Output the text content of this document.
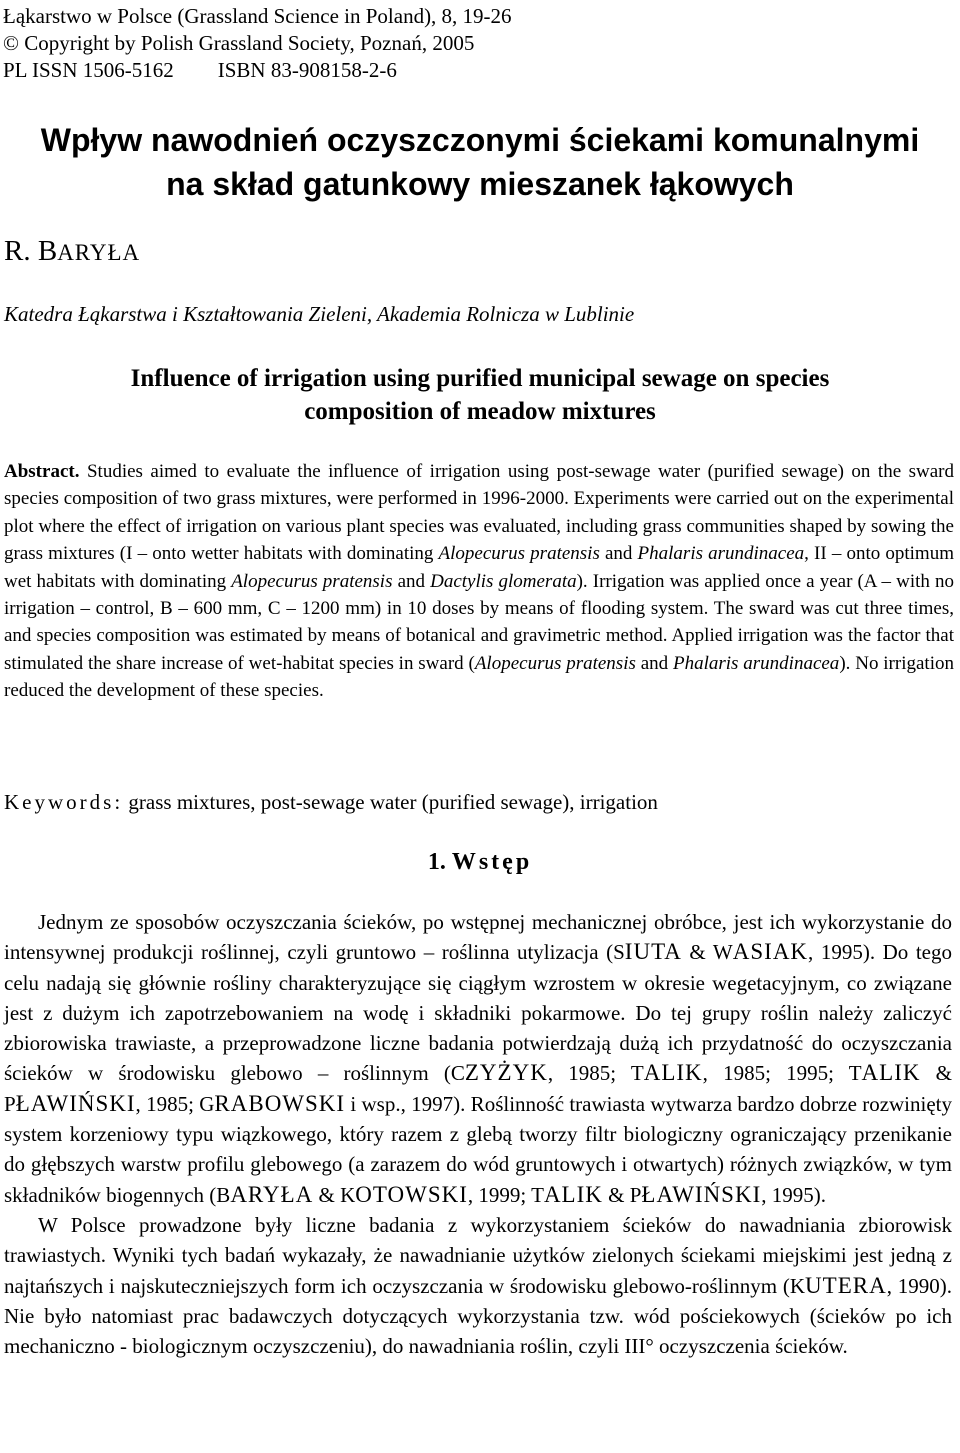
Łąkarstwo w Polsce (Grassland Science in Poland), 8, 19-26
© Copyright by Polish Grassland Society, Poznań, 2005
PL ISSN 1506-5162 ISBN 83-908158-2-6
Wpływ nawodnień oczyszczonymi ściekami komunalnymi
na skład gatunkowy mieszanek łąkowych
R. BARYŁA
Katedra Łąkarstwa i Kształtowania Zieleni, Akademia Rolnicza w Lublinie
Influence of irrigation using purified municipal sewage on species
composition of meadow mixtures
Abstract. Studies aimed to evaluate the influence of irrigation using post-sewage water (purified sewage) on the sward species composition of two grass mixtures, were performed in 1996-2000. Experiments were carried out on the experimental plot where the effect of irrigation on various plant species was evaluated, including grass communities shaped by sowing the grass mixtures (I – onto wetter habitats with dominating Alopecurus pratensis and Phalaris arundinacea, II – onto optimum wet habitats with dominating Alopecurus pratensis and Dactylis glomerata). Irrigation was applied once a year (A – with no irrigation – control, B – 600 mm, C – 1200 mm) in 10 doses by means of flooding system. The sward was cut three times, and species composition was estimated by means of botanical and gravimetric method. Applied irrigation was the factor that stimulated the share increase of wet-habitat species in sward (Alopecurus pratensis and Phalaris arundinacea). No irrigation reduced the development of these species.
Keywords: grass mixtures, post-sewage water (purified sewage), irrigation
1. Wstęp

Jednym ze sposobów oczyszczania ścieków, po wstępnej mechanicznej obróbce, jest ich wykorzystanie do intensywnej produkcji roślinnej, czyli gruntowo – roślinna utylizacja (SIUTA & WASIAK, 1995). Do tego celu nadają się głównie rośliny charakteryzujące się ciągłym wzrostem w okresie wegetacyjnym, co związane jest z dużym ich zapotrzebowaniem na wodę i składniki pokarmowe. Do tej grupy roślin należy zaliczyć zbiorowiska trawiaste, a przeprowadzone liczne badania potwierdzają dużą ich przydatność do oczyszczania ścieków w środowisku glebowo – roślinnym (CZYŻYK, 1985; TALIK, 1985; 1995; TALIK & PŁAWIŃSKI, 1985; GRABOWSKI i wsp., 1997). Roślinność trawiasta wytwarza bardzo dobrze rozwinięty system korzeniowy typu wiązkowego, który razem z glebą tworzy filtr biologiczny ograniczający przenikanie do głębszych warstw profilu glebowego (a zarazem do wód gruntowych i otwartych) różnych związków, w tym składników biogennych (BARYŁA & KOTOWSKI, 1999; TALIK & PŁAWIŃSKI, 1995).

W Polsce prowadzone były liczne badania z wykorzystaniem ścieków do nawadniania zbiorowisk trawiastych. Wyniki tych badań wykazały, że nawadnianie użytków zielonych ściekami miejskimi jest jedną z najtańszych i najskuteczniejszych form ich oczyszczania w środowisku glebowo-roślinnym (KUTERA, 1990). Nie było natomiast prac badawczych dotyczących wykorzystania tzw. wód pościekowych (ścieków po ich mechaniczno - biologicznym oczyszczeniu), do nawadniania roślin, czyli III° oczyszczenia ścieków.
